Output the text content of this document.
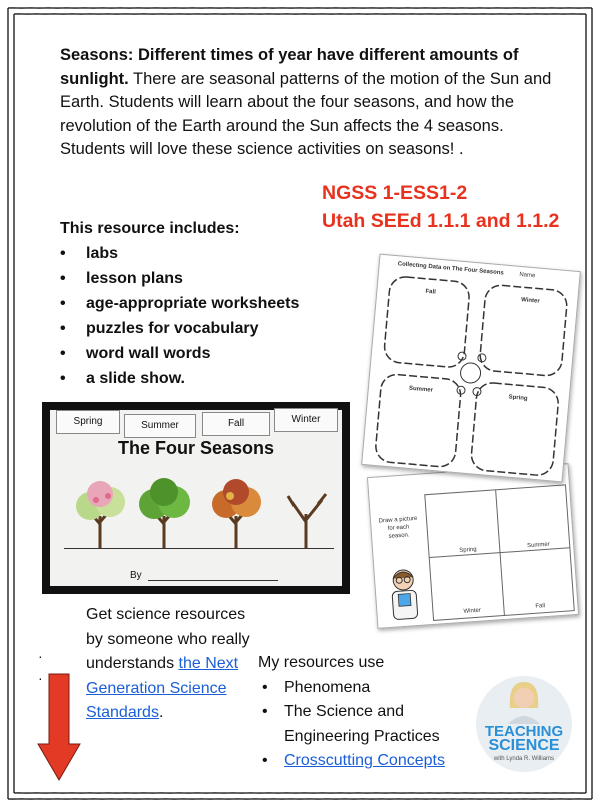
Seasons: Different times of year have different amounts of sunlight. There are seasonal patterns of the motion of the Sun and Earth. Students will learn about the four seasons, and how the revolution of the Earth around the Sun affects the 4 seasons. Students will love these science activities on seasons! .
NGSS 1-ESS1-2
Utah SEEd 1.1.1 and 1.1.2
This resource includes:
• labs
• lesson plans
• age-appropriate worksheets
• puzzles for vocabulary
• word wall words
• a slide show.
Draw a picture for each season.
Spring
Summer
Winter
Fall
Collecting Data on The Four Seasons	Name
Fall
Winter
Summer
Spring
Spring	Summer	Fall	Winter
The Four Seasons
By
·
·
Get science resources by someone who really understands the Next Generation Science Standards.
My resources use
• Phenomena
• The Science and Engineering Practices
• Crosscutting Concepts
TEACHING
SCIENCE
with Lynda R. Williams
